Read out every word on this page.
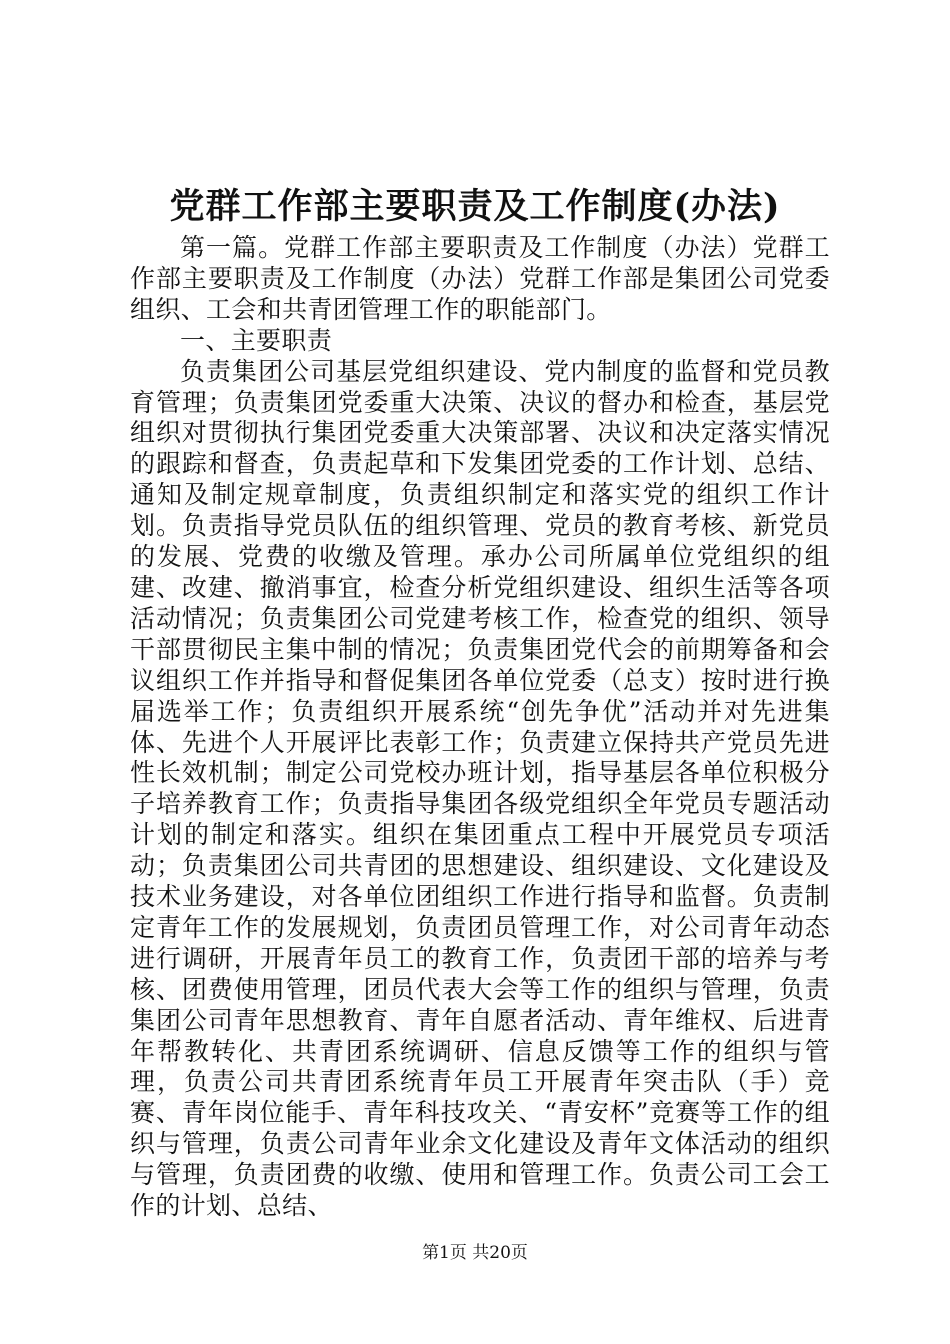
党群工作部主要职责及工作制度(办法)

第一篇。党群工作部主要职责及工作制度（办法）党群工作部主要职责及工作制度（办法）党群工作部是集团公司党委组织、工会和共青团管理工作的职能部门。

一、主要职责

负责集团公司基层党组织建设、党内制度的监督和党员教育管理；负责集团党委重大决策、决议的督办和检查，基层党组织对贯彻执行集团党委重大决策部署、决议和决定落实情况的跟踪和督查，负责起草和下发集团党委的工作计划、总结、通知及制定规章制度，负责组织制定和落实党的组织工作计划。负责指导党员队伍的组织管理、党员的教育考核、新党员的发展、党费的收缴及管理。承办公司所属单位党组织的组建、改建、撤消事宜，检查分析党组织建设、组织生活等各项活动情况；负责集团公司党建考核工作，检查党的组织、领导干部贯彻民主集中制的情况；负责集团党代会的前期筹备和会议组织工作并指导和督促集团各单位党委（总支）按时进行换届选举工作；负责组织开展系统“创先争优”活动并对先进集体、先进个人开展评比表彰工作；负责建立保持共产党员先进性长效机制；制定公司党校办班计划，指导基层各单位积极分子培养教育工作；负责指导集团各级党组织全年党员专题活动计划的制定和落实。组织在集团重点工程中开展党员专项活动；负责集团公司共青团的思想建设、组织建设、文化建设及技术业务建设，对各单位团组织工作进行指导和监督。负责制定青年工作的发展规划，负责团员管理工作，对公司青年动态进行调研，开展青年员工的教育工作，负责团干部的培养与考核、团费使用管理，团员代表大会等工作的组织与管理，负责集团公司青年思想教育、青年自愿者活动、青年维权、后进青年帮教转化、共青团系统调研、信息反馈等工作的组织与管理，负责公司共青团系统青年员工开展青年突击队（手）竞赛、青年岗位能手、青年科技攻关、“青安杯”竞赛等工作的组织与管理，负责公司青年业余文化建设及青年文体活动的组织与管理，负责团费的收缴、使用和管理工作。负责公司工会工作的计划、总结、

第1页 共20页
